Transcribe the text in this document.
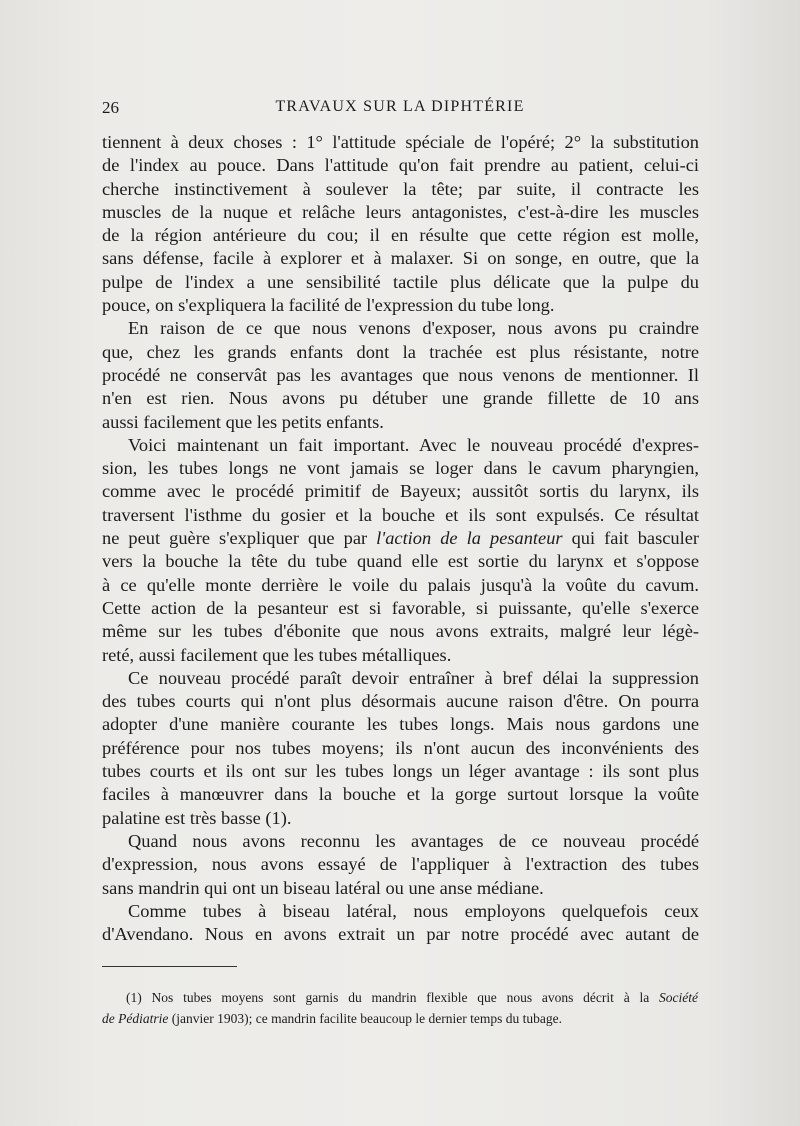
26	TRAVAUX SUR LA DIPHTÉRIE
tiennent à deux choses : 1° l'attitude spéciale de l'opéré; 2° la substitution
de l'index au pouce. Dans l'attitude qu'on fait prendre au patient, celui-ci
cherche instinctivement à soulever la tête; par suite, il contracte les
muscles de la nuque et relâche leurs antagonistes, c'est-à-dire les muscles
de la région antérieure du cou; il en résulte que cette région est molle,
sans défense, facile à explorer et à malaxer. Si on songe, en outre, que la
pulpe de l'index a une sensibilité tactile plus délicate que la pulpe du
pouce, on s'expliquera la facilité de l'expression du tube long.
En raison de ce que nous venons d'exposer, nous avons pu craindre
que, chez les grands enfants dont la trachée est plus résistante, notre
procédé ne conservât pas les avantages que nous venons de mentionner. Il
n'en est rien. Nous avons pu détuber une grande fillette de 10 ans
aussi facilement que les petits enfants.
Voici maintenant un fait important. Avec le nouveau procédé d'expres-
sion, les tubes longs ne vont jamais se loger dans le cavum pharyngien,
comme avec le procédé primitif de Bayeux; aussitôt sortis du larynx, ils
traversent l'isthme du gosier et la bouche et ils sont expulsés. Ce résultat
ne peut guère s'expliquer que par l'action de la pesanteur qui fait basculer
vers la bouche la tête du tube quand elle est sortie du larynx et s'oppose
à ce qu'elle monte derrière le voile du palais jusqu'à la voûte du cavum.
Cette action de la pesanteur est si favorable, si puissante, qu'elle s'exerce
même sur les tubes d'ébonite que nous avons extraits, malgré leur légè-
reté, aussi facilement que les tubes métalliques.
Ce nouveau procédé paraît devoir entraîner à bref délai la suppression
des tubes courts qui n'ont plus désormais aucune raison d'être. On pourra
adopter d'une manière courante les tubes longs. Mais nous gardons une
préférence pour nos tubes moyens; ils n'ont aucun des inconvénients des
tubes courts et ils ont sur les tubes longs un léger avantage : ils sont plus
faciles à manœuvrer dans la bouche et la gorge surtout lorsque la voûte
palatine est très basse (1).
Quand nous avons reconnu les avantages de ce nouveau procédé
d'expression, nous avons essayé de l'appliquer à l'extraction des tubes
sans mandrin qui ont un biseau latéral ou une anse médiane.
Comme tubes à biseau latéral, nous employons quelquefois ceux
d'Avendano. Nous en avons extrait un par notre procédé avec autant de
(1) Nos tubes moyens sont garnis du mandrin flexible que nous avons décrit à la Société
de Pédiatrie (janvier 1903); ce mandrin facilite beaucoup le dernier temps du tubage.
